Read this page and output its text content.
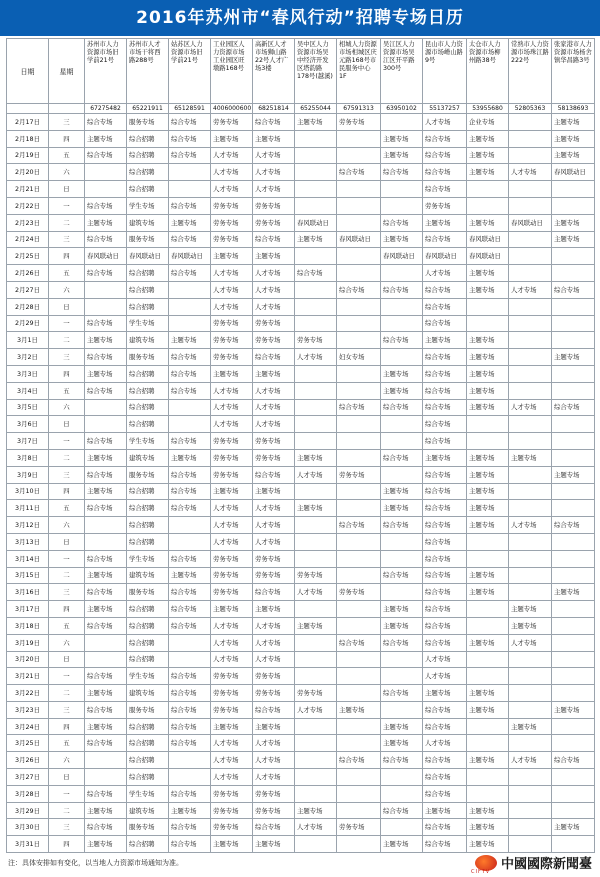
2016年苏州市“春风行动”招聘专场日历
日期	星期	苏州市人力资源市场旧学前21号	苏州市人才市场干将西路288号	姑苏区人力资源市场旧学前21号	工业园区人力资源市场工业园区旺墩路168号	高新区人才市场狮山路22号人才广场3楼	吴中区人力资源市场吴中经济开发区塔韵路178号(越溪)	相城人力资源市场相城区庆元路168号市民服务中心1F	吴江区人力资源市场吴江区开平路300号	昆山市人力资源市场嵴山路9号	太仓市人力资源市场柳州路38号	常熟市人力资源市场珠江路222号	张家港市人力资源市场杨舍镇华昌路3号
		67275482	65221911	65128591	4006000600	68251814	65255044	67591313	63950102	55137257	53955680	52805363	58138693
2月17日	三	综合专场	服务专场	综合专场	劳务专场	综合专场	主题专场	劳务专场		人才专场	企业专场		主题专场
2月18日	四	主题专场	综合招聘	综合专场	主题专场	主题专场			主题专场	综合专场	主题专场		主题专场
2月19日	五	综合专场	综合招聘	综合专场	人才专场	人才专场			主题专场	综合专场	主题专场		主题专场
2月20日	六		综合招聘		人才专场	人才专场		综合专场	综合专场	综合专场	主题专场	人才专场	春风联动日
2月21日	日		综合招聘		人才专场	人才专场				综合专场			
2月22日	一	综合专场	学生专场	综合专场	劳务专场	劳务专场				劳务专场			
2月23日	二	主题专场	建筑专场	主题专场	劳务专场	劳务专场	春风联动日		综合专场	主题专场	主题专场	春风联动日	主题专场
2月24日	三	综合专场	服务专场	综合专场	劳务专场	综合专场	主题专场	春风联动日	主题专场	综合专场	春风联动日		主题专场
2月25日	四	春风联动日	春风联动日	春风联动日	主题专场	主题专场			春风联动日	春风联动日	春风联动日		
2月26日	五	综合专场	综合招聘	综合专场	人才专场	人才专场	综合专场			人才专场	主题专场		
2月27日	六		综合招聘		人才专场	人才专场		综合专场	综合专场	综合专场	主题专场	人才专场	综合专场
2月28日	日		综合招聘		人才专场	人才专场				综合专场			
2月29日	一	综合专场	学生专场		劳务专场	劳务专场				综合专场			
3月1日	二	主题专场	建筑专场	主题专场	劳务专场	劳务专场	劳务专场		综合专场	主题专场	主题专场		
3月2日	三	综合专场	服务专场	综合专场	劳务专场	综合专场	人才专场	妇女专场		综合专场	主题专场		主题专场
3月3日	四	主题专场	综合招聘	综合专场	主题专场	主题专场			主题专场	综合专场	主题专场		
3月4日	五	综合专场	综合招聘	综合专场	人才专场	人才专场			主题专场	综合专场	主题专场		
3月5日	六		综合招聘		人才专场	人才专场		综合专场	综合专场	综合专场	主题专场	人才专场	综合专场
3月6日	日		综合招聘		人才专场	人才专场				综合专场			
3月7日	一	综合专场	学生专场	综合专场	劳务专场	劳务专场				综合专场			
3月8日	二	主题专场	建筑专场	主题专场	劳务专场	劳务专场	主题专场		综合专场	主题专场	主题专场	主题专场	
3月9日	三	综合专场	服务专场	综合专场	劳务专场	综合专场	人才专场	劳务专场		综合专场	主题专场		主题专场
3月10日	四	主题专场	综合招聘	综合专场	主题专场	主题专场			主题专场	综合专场	主题专场		
3月11日	五	综合专场	综合招聘	综合专场	人才专场	人才专场	主题专场		主题专场	综合专场	主题专场		
3月12日	六		综合招聘		人才专场	人才专场		综合专场	综合专场	综合专场	主题专场	人才专场	综合专场
3月13日	日		综合招聘		人才专场	人才专场				综合专场			
3月14日	一	综合专场	学生专场	综合专场	劳务专场	劳务专场				综合专场			
3月15日	二	主题专场	建筑专场	主题专场	劳务专场	劳务专场	劳务专场		综合专场	综合专场	主题专场		
3月16日	三	综合专场	服务专场	综合专场	劳务专场	综合专场	人才专场	劳务专场		综合专场	主题专场		主题专场
3月17日	四	主题专场	综合招聘	综合专场	主题专场	主题专场			主题专场	综合专场		主题专场	
3月18日	五	综合专场	综合招聘	综合专场	人才专场	人才专场	主题专场		主题专场	综合专场		主题专场	
3月19日	六		综合招聘		人才专场	人才专场		综合专场	综合专场	综合专场	主题专场	人才专场	
3月20日	日		综合招聘		人才专场	人才专场				人才专场			
3月21日	一	综合专场	学生专场	综合专场	劳务专场	劳务专场				人才专场			
3月22日	二	主题专场	建筑专场	综合专场	劳务专场	劳务专场	劳务专场		综合专场	主题专场	主题专场		
3月23日	三	综合专场	服务专场	综合专场	劳务专场	综合专场	人才专场	主题专场		综合专场	主题专场		主题专场
3月24日	四	主题专场	综合招聘	综合专场	主题专场	主题专场			主题专场	综合专场		主题专场	
3月25日	五	综合专场	综合招聘	综合专场	人才专场	人才专场			主题专场	人才专场			
3月26日	六		综合招聘		人才专场	人才专场		综合专场	综合专场	综合专场	主题专场	人才专场	综合专场
3月27日	日		综合招聘		人才专场	人才专场				综合专场			
3月28日	一	综合专场	学生专场	综合专场	劳务专场	劳务专场				综合专场			
3月29日	二	主题专场	建筑专场	主题专场	劳务专场	劳务专场	主题专场		综合专场	主题专场	主题专场		
3月30日	三	综合专场	服务专场	综合专场	劳务专场	综合专场	人才专场	劳务专场		综合专场	主题专场		主题专场
3月31日	四	主题专场	综合招聘	综合专场	主题专场	主题专场			主题专场	综合专场	主题专场		
注：具体安排如有变化，以当地人力资源市场通知为准。	中國國際新聞臺
CIFTV
